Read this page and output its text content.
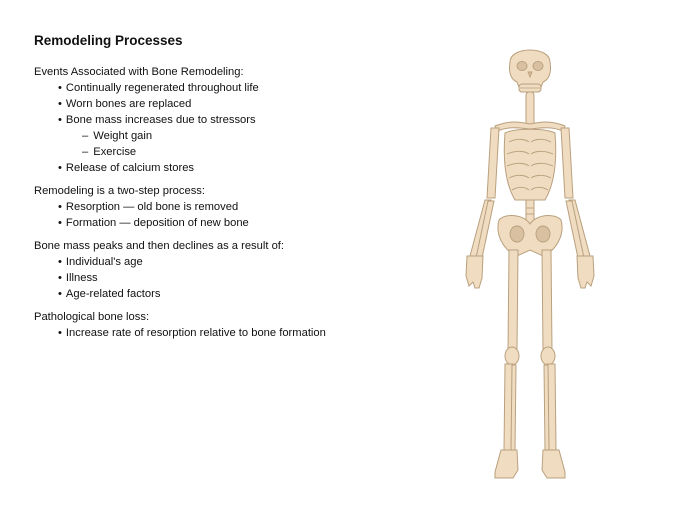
Remodeling Processes

Events Associated with Bone Remodeling:

• Continually regenerated throughout life
• Worn bones are replaced
• Bone mass increases due to stressors
– Weight gain
– Exercise
• Release of calcium stores

Remodeling is a two-step process:

• Resorption — old bone is removed
• Formation — deposition of new bone

Bone mass peaks and then declines as a result of:

• Individual's age
• Illness
• Age-related factors

Pathological bone loss:

• Increase rate of resorption relative to bone formation
